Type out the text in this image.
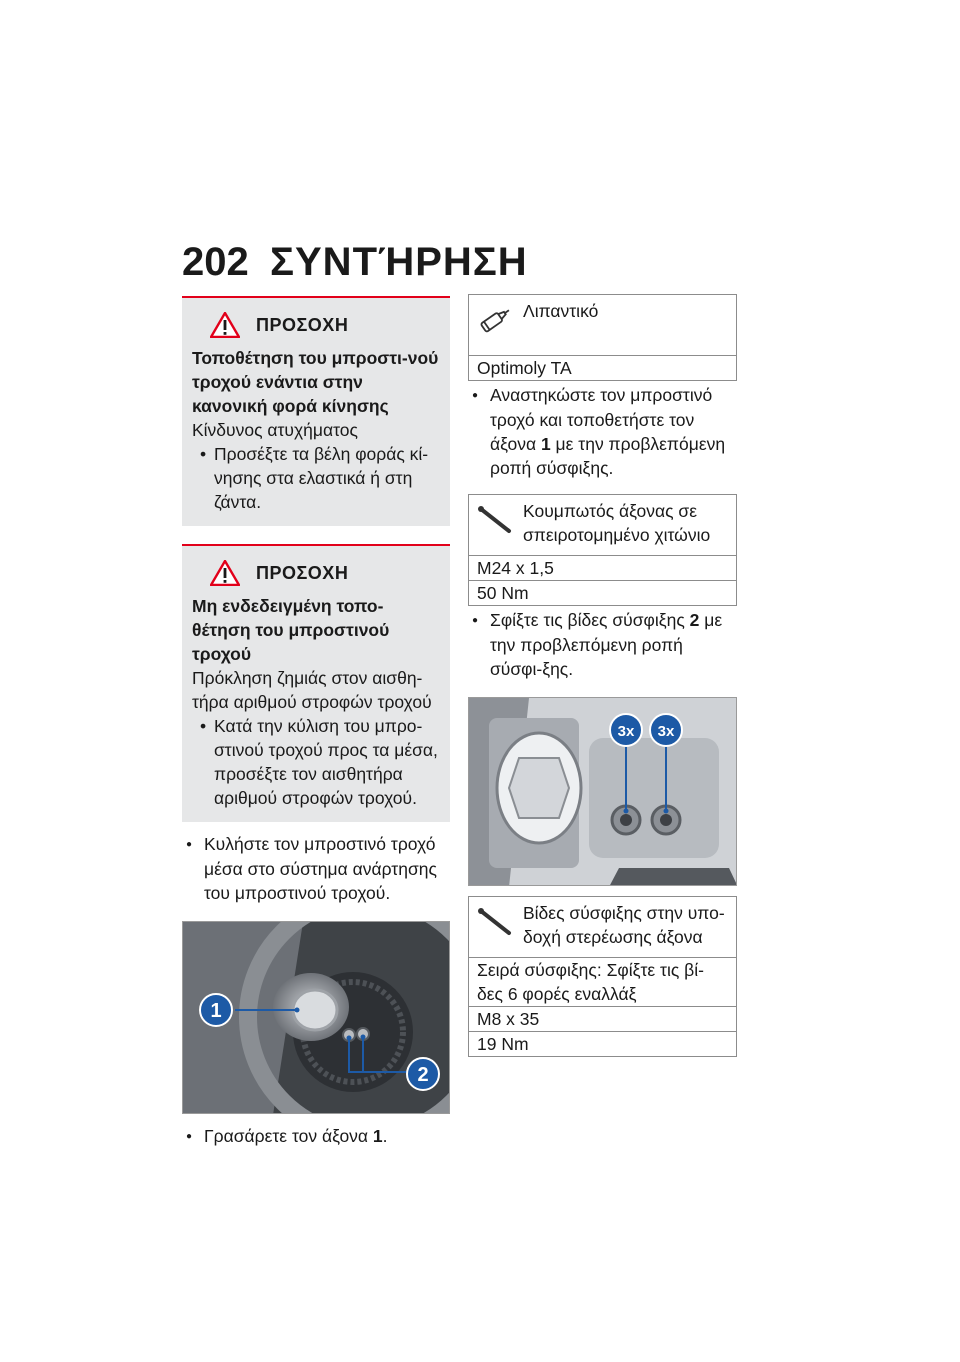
202 ΣΥΝΤΉΡΗΣΗ
ΠΡΟΣΟΧΗ
Τοποθέτηση του μπροστι-νού τροχού ενάντια στην κανονική φορά κίνησης
Κίνδυνος ατυχήματος
• Προσέξτε τα βέλη φοράς κί-νησης στα ελαστικά ή στη ζάντα.
ΠΡΟΣΟΧΗ
Μη ενδεδειγμένη τοπο-θέτηση του μπροστινού τροχού
Πρόκληση ζημιάς στον αισθη-τήρα αριθμού στροφών τροχού
• Κατά την κύλιση του μπρο-στινού τροχού προς τα μέσα, προσέξτε τον αισθητήρα αριθμού στροφών τροχού.
● Κυλήστε τον μπροστινό τροχό μέσα στο σύστημα ανάρτησης του μπροστινού τροχού.
1
2
● Γρασάρετε τον άξονα 1.
Λιπαντικό
Optimoly TA
● Αναστηκώστε τον μπροστινό τροχό και τοποθετήστε τον άξονα 1 με την προβλεπόμενη ροπή σύσφιξης.
Κουμπωτός άξονας σε σπειροτομημένο χιτώνιο
M24 x 1,5
50 Nm
● Σφίξτε τις βίδες σύσφιξης 2 με την προβλεπόμενη ροπή σύσφι-ξης.
3x 3x
Βίδες σύσφιξης στην υπο-δοχή στερέωσης άξονα
Σειρά σύσφιξης: Σφίξτε τις βί-δες 6 φορές εναλλάξ
M8 x 35
19 Nm
